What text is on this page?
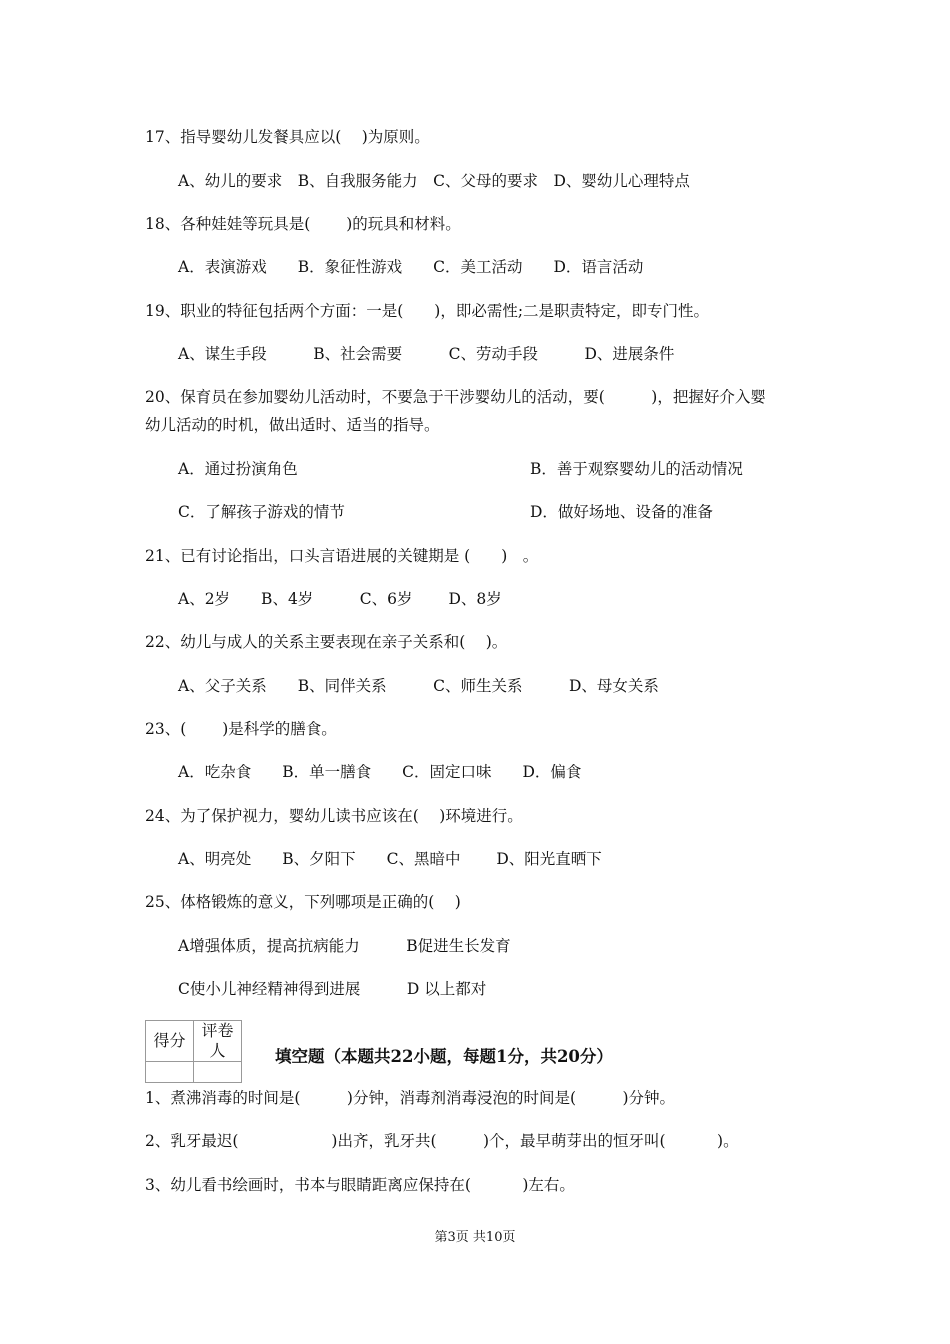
17、指导婴幼儿发餐具应以(　 )为原则。
A、幼儿的要求　B、自我服务能力　C、父母的要求　D、婴幼儿心理特点
18、各种娃娃等玩具是(　　 )的玩具和材料。
A．表演游戏　　B．象征性游戏　　C．美工活动　　D．语言活动
19、职业的特征包括两个方面：一是(　　)，即必需性;二是职责特定，即专门性。
A、谋生手段　　　B、社会需要　　　C、劳动手段　　　D、进展条件
20、保育员在参加婴幼儿活动时，不要急于干涉婴幼儿的活动，要(　　　)，把握好介入婴
幼儿活动的时机，做出适时、适当的指导。
A．通过扮演角色	B．善于观察婴幼儿的活动情况
C．了解孩子游戏的情节	D．做好场地、设备的准备
21、已有讨论指出，口头言语进展的关键期是 (　　)　。
A、2岁　　B、4岁　　　C、6岁　　 D、8岁
22、幼儿与成人的关系主要表现在亲子关系和(　 )。
A、父子关系　　B、同伴关系　　　C、师生关系　　　D、母女关系
23、(　　 )是科学的膳食。
A．吃杂食　　B．单一膳食　　C．固定口味　　D．偏食
24、为了保护视力，婴幼儿读书应该在(　 )环境进行。
A、明亮处　　B、夕阳下　　C、黑暗中　　 D、阳光直晒下
25、体格锻炼的意义，下列哪项是正确的(　 )
A增强体质，提高抗病能力　　　B促进生长发育
C使小儿神经精神得到进展　　　D 以上都对
得分	评卷人
		填空题（本题共22小题，每题1分，共20分）
1、煮沸消毒的时间是(　　　)分钟，消毒剂消毒浸泡的时间是(　　　)分钟。
2、乳牙最迟(　　　　　　)出齐，乳牙共(　　　)个，最早萌芽出的恒牙叫(　　　 )。
3、幼儿看书绘画时，书本与眼睛距离应保持在(　　　 )左右。
第3页 共10页
